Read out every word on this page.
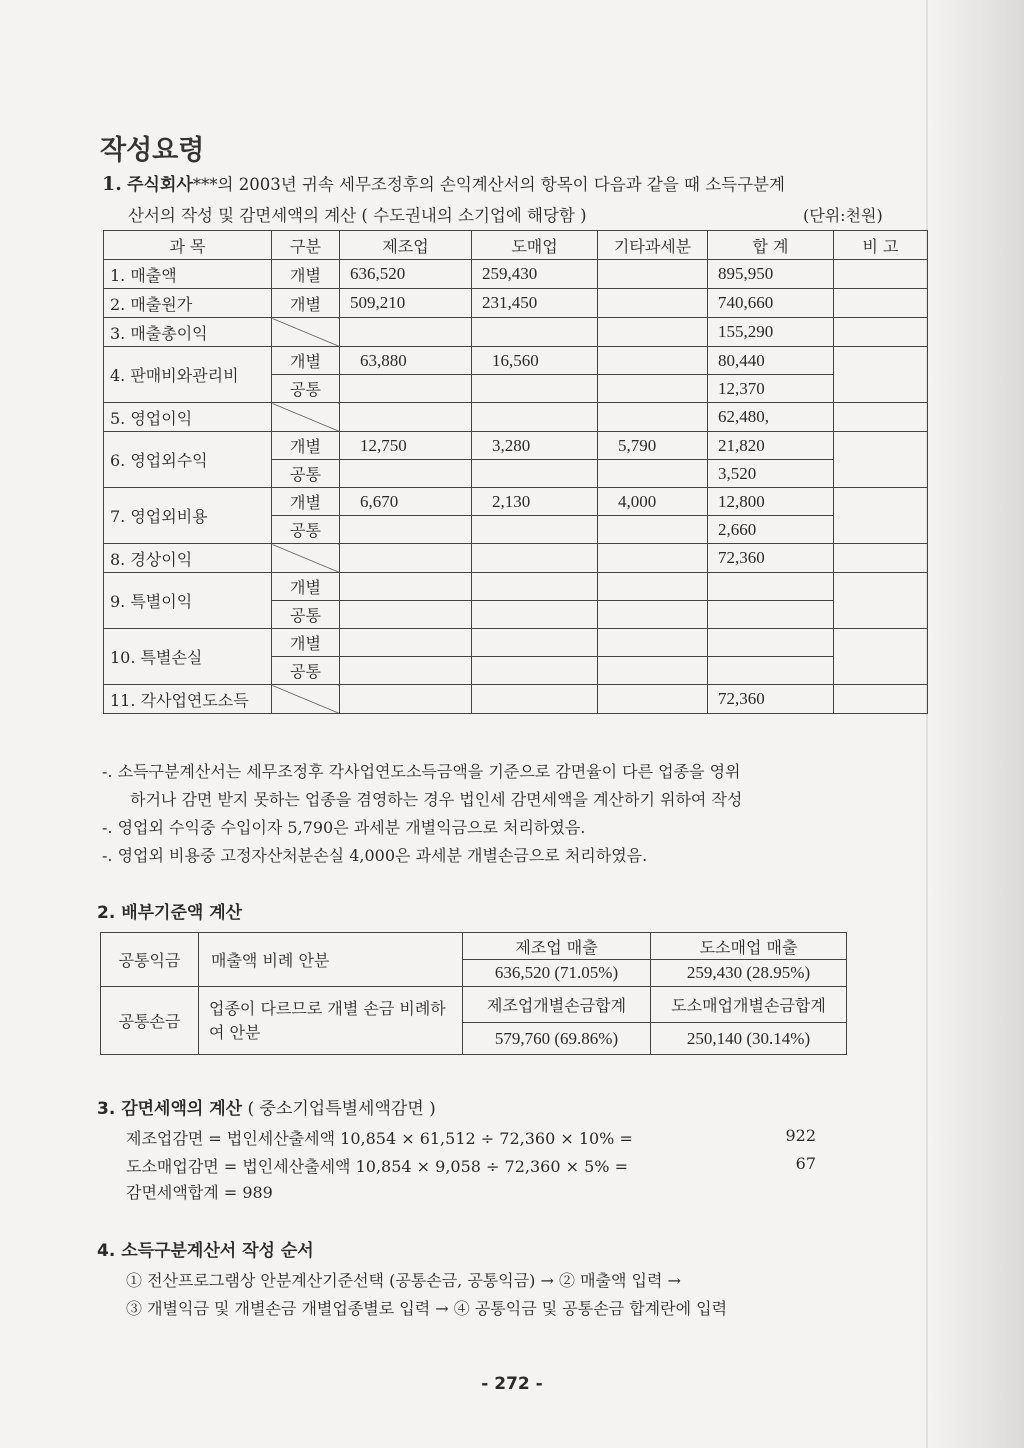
작성요령
1. 주식회사***의 2003년 귀속 세무조정후의 손익계산서의 항목이 다음과 같을 때 소득구분계
산서의 작성 및 감면세액의 계산 ( 수도권내의 소기업에 해당함 )	(단위:천원)
과 목	구분	제조업	도매업	기타과세분	합 계	비 고
1. 매출액	개별	636,520	259,430		895,950	
2. 매출원가	개별	509,210	231,450		740,660	
3. 매출총이익					155,290	
4. 판매비와관리비	개별	63,880	16,560		80,440	
	공통				12,370	
5. 영업이익					62,480,	
6. 영업외수익	개별	12,750	3,280	5,790	21,820	
	공통				3,520	
7. 영업외비용	개별	6,670	2,130	4,000	12,800	
	공통				2,660	
8. 경상이익					72,360	
9. 특별이익	개별					
	공통					
10. 특별손실	개별					
	공통					
11. 각사업연도소득					72,360	
-. 소득구분계산서는 세무조정후 각사업연도소득금액을 기준으로 감면율이 다른 업종을 영위
하거나 감면 받지 못하는 업종을 겸영하는 경우 법인세 감면세액을 계산하기 위하여 작성
-. 영업외 수익중 수입이자 5,790은 과세분 개별익금으로 처리하였음.
-. 영업외 비용중 고정자산처분손실 4,000은 과세분 개별손금으로 처리하였음.
2. 배부기준액 계산
공통익금	매출액 비례 안분	제조업 매출	도소매업 매출
		636,520 (71.05%)	259,430 (28.95%)
공통손금	업종이 다르므로 개별 손금 비례하여 안분	제조업개별손금합계	도소매업개별손금합계
		579,760 (69.86%)	250,140 (30.14%)
3. 감면세액의 계산 ( 중소기업특별세액감면 )
제조업감면 = 법인세산출세액 10,854 × 61,512 ÷ 72,360 × 10% =	922
도소매업감면 = 법인세산출세액 10,854 × 9,058 ÷ 72,360 × 5% =	67
감면세액합계 = 989
4. 소득구분계산서 작성 순서
① 전산프로그램상 안분계산기준선택 (공통손금, 공통익금) → ② 매출액 입력 →
③ 개별익금 및 개별손금 개별업종별로 입력 → ④ 공통익금 및 공통손금 합계란에 입력
- 272 -
